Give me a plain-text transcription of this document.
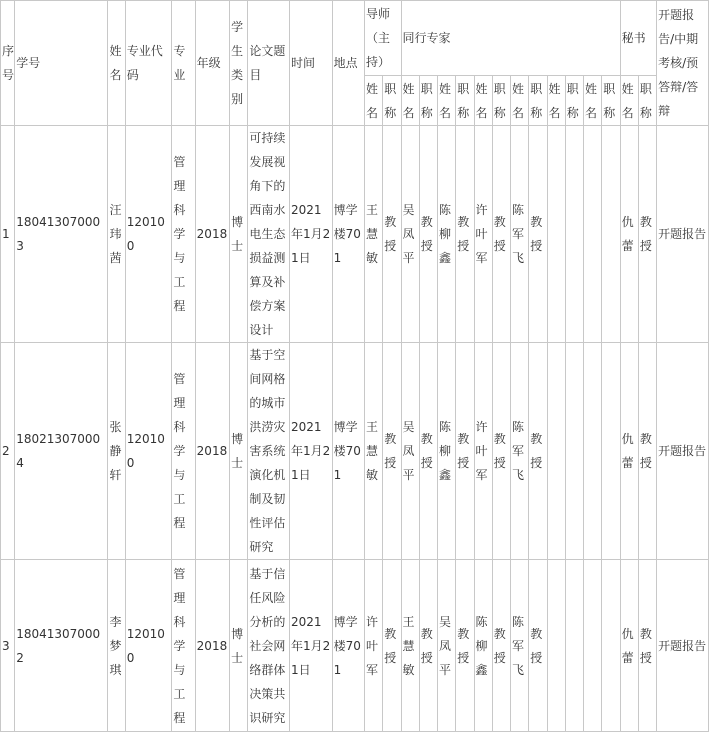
序号	学号	姓名	专业代码	专业	年级	学生类别	论文题目	时间	地点	导师（主持）		同行专家												秘书		开题报告/中期考核/预答辩/答辩
										姓名	职称	姓名	职称	姓名	职称	姓名	职称	姓名	职称	姓名	职称	姓名	职称	姓名	职称	
1	180413070003	汪玮茜	120100	管理科学与工程	2018	博士	可持续发展视角下的西南水电生态损益测算及补偿方案设计	2021年1月21日	博学楼701	王慧敏	教授	吴凤平	教授	陈柳鑫	教授	许叶军	教授	陈军飞	教授					仇蕾	教授	开题报告
2	180213070004	张静轩	120100	管理科学与工程	2018	博士	基于空间网格的城市洪涝灾害系统演化机制及韧性评估研究	2021年1月21日	博学楼701	王慧敏	教授	吴凤平	教授	陈柳鑫	教授	许叶军	教授	陈军飞	教授					仇蕾	教授	开题报告
3	180413070002	李梦琪	120100	管理科学与工程	2018	博士	基于信任风险分析的社会网络群体决策共识研究	2021年1月21日	博学楼701	许叶军	教授	王慧敏	教授	吴凤平	教授	陈柳鑫	教授	陈军飞	教授					仇蕾	教授	开题报告
